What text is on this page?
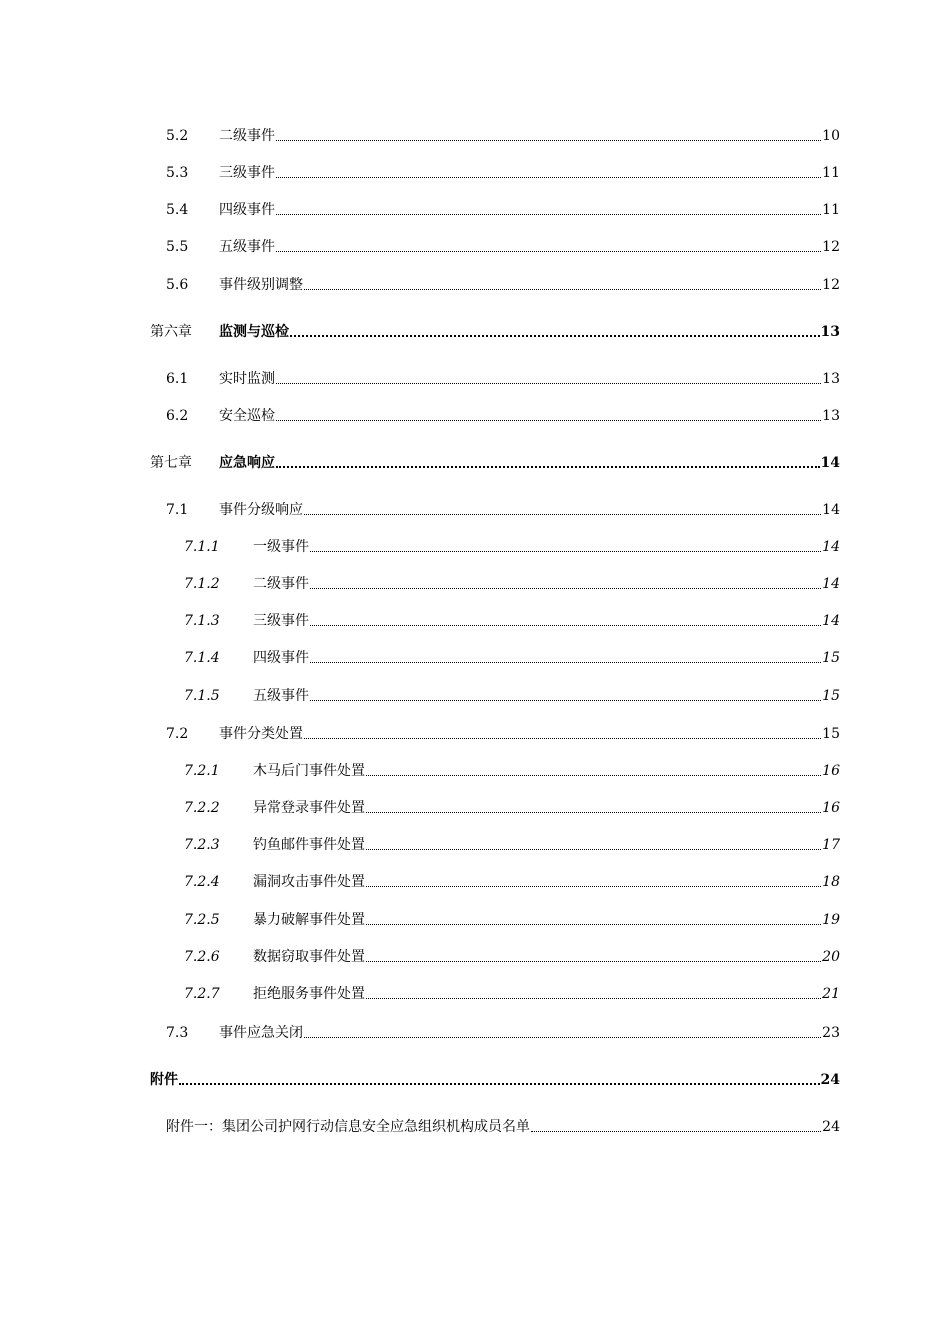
5.2	二级事件	10
5.3	三级事件	11
5.4	四级事件	11
5.5	五级事件	12
5.6	事件级别调整	12
第六章	监测与巡检	13
6.1	实时监测	13
6.2	安全巡检	13
第七章	应急响应	14
7.1	事件分级响应	14
7.1.1	一级事件	14
7.1.2	二级事件	14
7.1.3	三级事件	14
7.1.4	四级事件	15
7.1.5	五级事件	15
7.2	事件分类处置	15
7.2.1	木马后门事件处置	16
7.2.2	异常登录事件处置	16
7.2.3	钓鱼邮件事件处置	17
7.2.4	漏洞攻击事件处置	18
7.2.5	暴力破解事件处置	19
7.2.6	数据窃取事件处置	20
7.2.7	拒绝服务事件处置	21
7.3	事件应急关闭	23
附件	24
附件一：集团公司护网行动信息安全应急组织机构成员名单	24
